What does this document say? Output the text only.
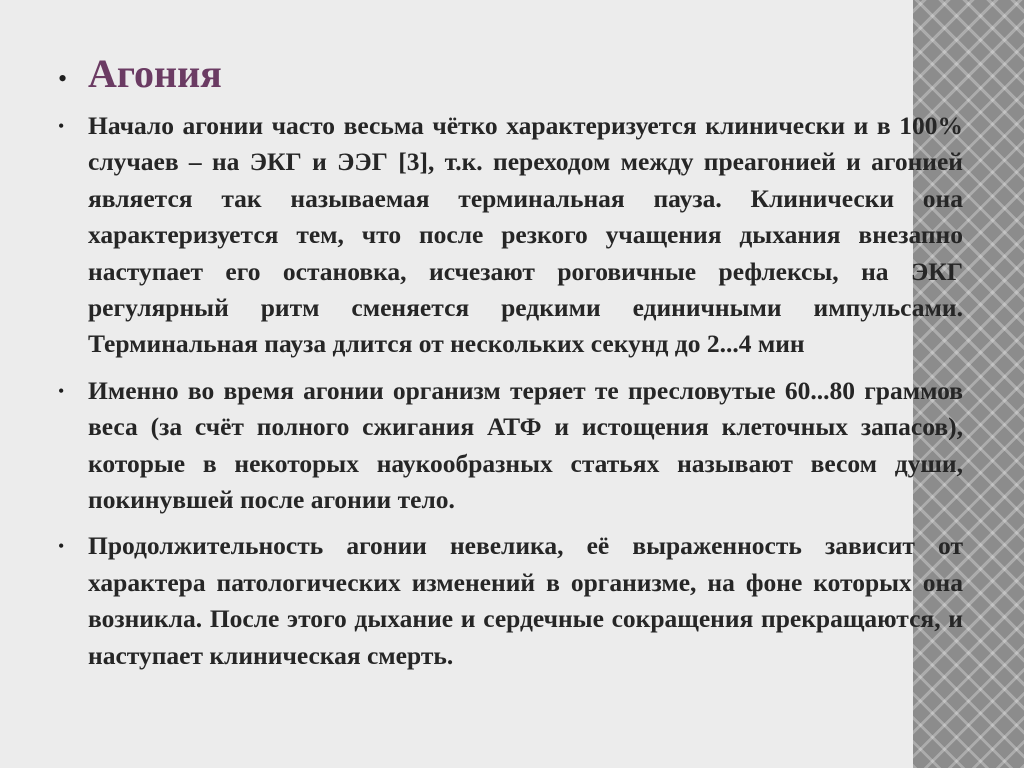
• Агония
• Начало агонии часто весьма чётко характеризуется клинически и в 100% случаев – на ЭКГ и ЭЭГ [3], т.к. переходом между преагонией и агонией является так называемая терминальная пауза. Клинически она характеризуется тем, что после резкого учащения дыхания внезапно наступает его остановка, исчезают роговичные рефлексы, на ЭКГ регулярный ритм сменяется редкими единичными импульсами. Терминальная пауза длится от нескольких секунд до 2...4 мин
• Именно во время агонии организм теряет те пресловутые 60...80 граммов веса (за счёт полного сжигания АТФ и истощения клеточных запасов), которые в некоторых наукообразных статьях называют весом души, покинувшей после агонии тело.
• Продолжительность агонии невелика, её выраженность зависит от характера патологических изменений в организме, на фоне которых она возникла. После этого дыхание и сердечные сокращения прекращаются, и наступает клиническая смерть.
